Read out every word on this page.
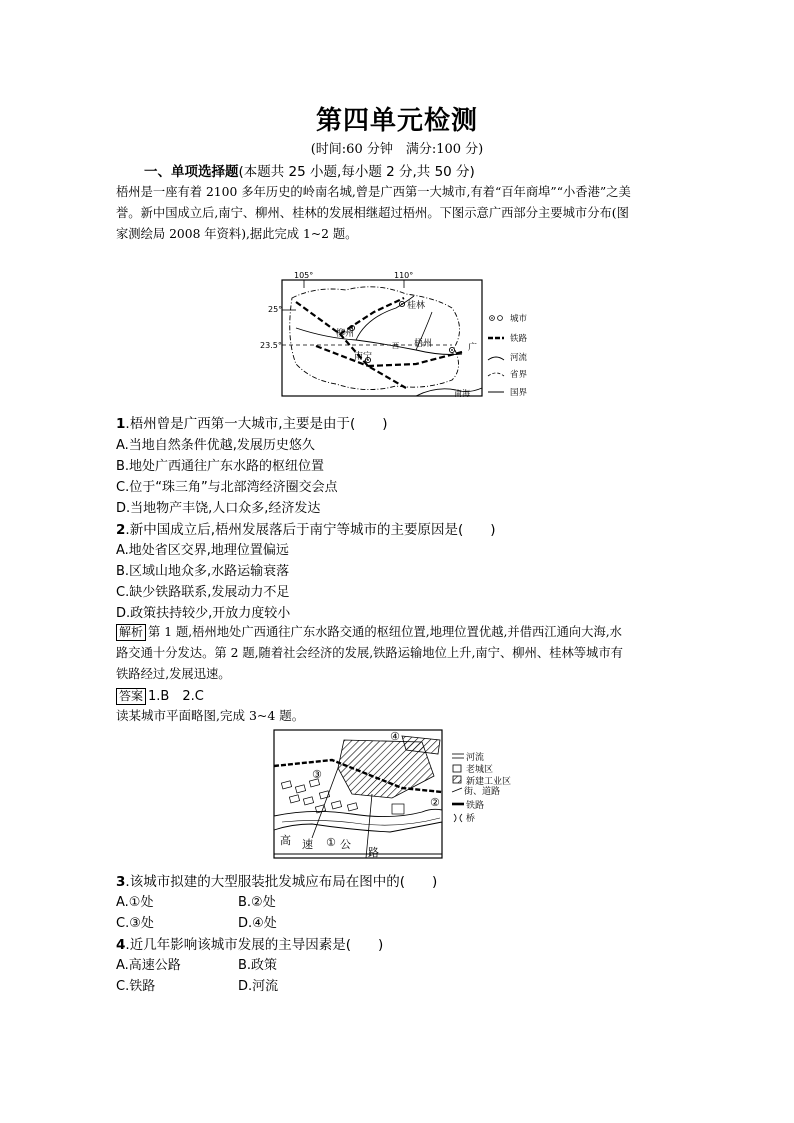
第四单元检测
(时间:60 分钟　满分:100 分)
一、单项选择题(本题共 25 小题,每小题 2 分,共 50 分)
梧州是一座有着 2100 多年历史的岭南名城,曾是广西第一大城市,有着“百年商埠”“小香港”之美
誉。新中国成立后,南宁、柳州、桂林的发展相继超过梧州。下图示意广西部分主要城市分布(图
家测绘局 2008 年资料),据此完成 1~2 题。
105°	110°
25°
23.5°
桂林
柳州
南宁
梧州
西	广
南海
城市
铁路
河流
省界
国界
1.梧州曾是广西第一大城市,主要是由于(　　)
A.当地自然条件优越,发展历史悠久
B.地处广西通往广东水路的枢纽位置
C.位于“珠三角”与北部湾经济圈交会点
D.当地物产丰饶,人口众多,经济发达
2.新中国成立后,梧州发展落后于南宁等城市的主要原因是(　　)
A.地处省区交界,地理位置偏远
B.区域山地众多,水路运输衰落
C.缺少铁路联系,发展动力不足
D.政策扶持较少,开放力度较小
解析 第 1 题,梧州地处广西通往广东水路交通的枢纽位置,地理位置优越,并借西江通向大海,水
路交通十分发达。第 2 题,随着社会经济的发展,铁路运输地位上升,南宁、柳州、桂林等城市有
铁路经过,发展迅速。
答案 1.B　2.C
读某城市平面略图,完成 3~4 题。
高 速 ① 公
路
②
③
④
河流
老城区
新建工业区
街、道路
铁路
桥
3.该城市拟建的大型服装批发城应布局在图中的(　　)
A.①处	B.②处
C.③处	D.④处
4.近几年影响该城市发展的主导因素是(　　)
A.高速公路	B.政策
C.铁路	D.河流
